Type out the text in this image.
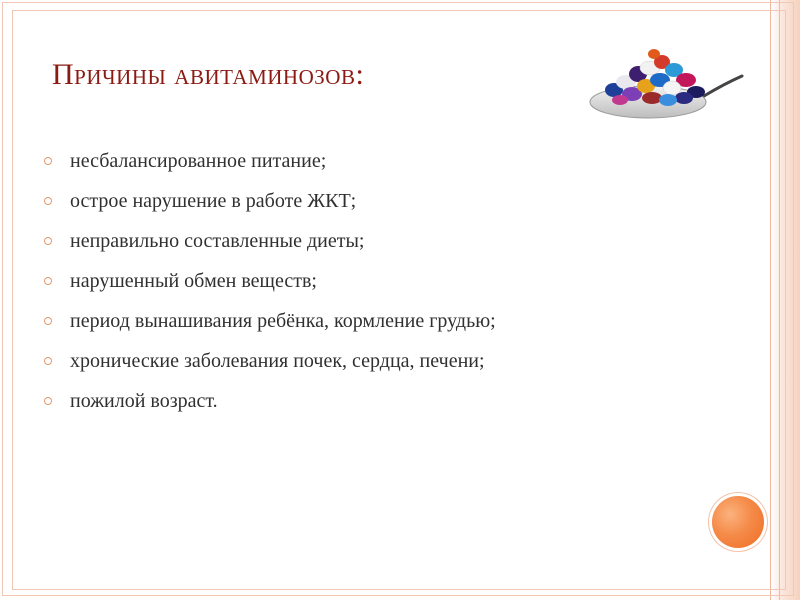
Причины авитаминозов:
несбалансированное питание;
острое нарушение в работе ЖКТ;
неправильно составленные диеты;
нарушенный обмен веществ;
период вынашивания ребёнка, кормление грудью;
хронические заболевания почек, сердца, печени;
пожилой возраст.
